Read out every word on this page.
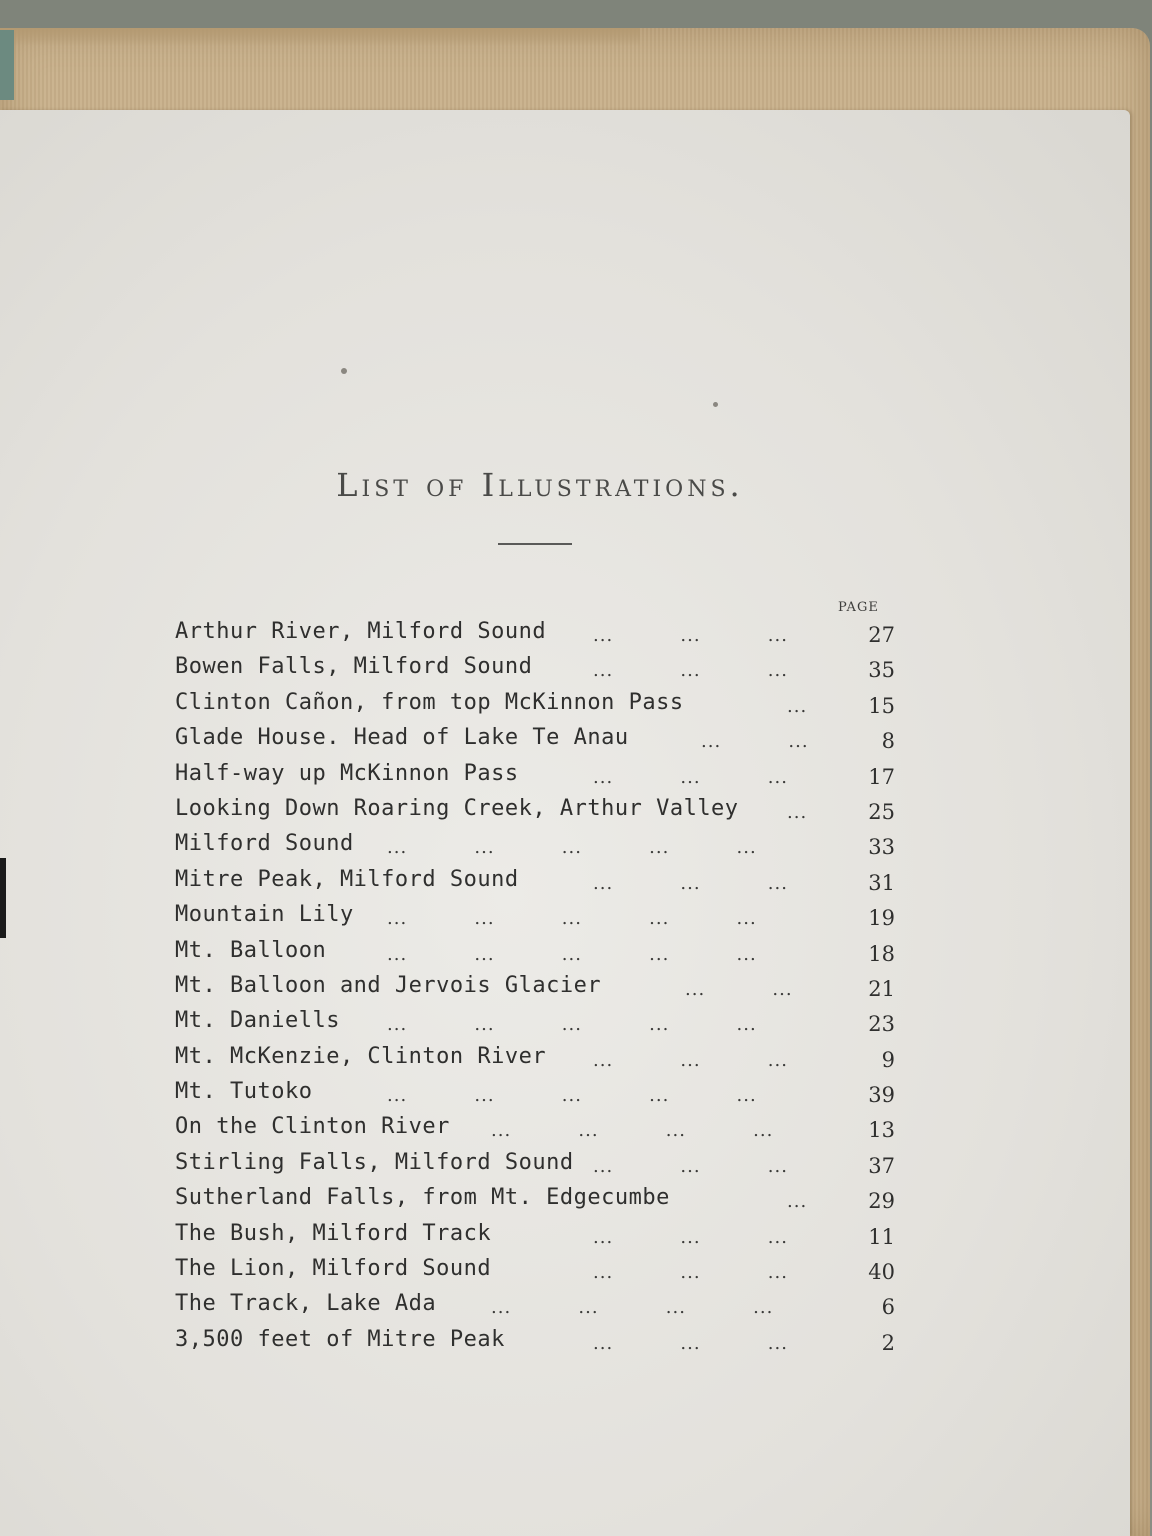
List of Illustrations.
PAGE
Arthur River, Milford Sound	...          ...          ...	27
Bowen Falls, Milford Sound	...          ...          ...	35
Clinton Cañon, from top McKinnon Pass	...	15
Glade House. Head of Lake Te Anau	...          ...	8
Half-way up McKinnon Pass	...          ...          ...	17
Looking Down Roaring Creek, Arthur Valley	...	25
Milford Sound ...          ...          ...          ...          ...	33
Mitre Peak, Milford Sound	...          ...          ...	31
Mountain Lily ...          ...          ...          ...          ...	19
Mt. Balloon	...          ...          ...          ...          ...	18
Mt. Balloon and Jervois Glacier	...          ...	21
Mt. Daniells	...          ...          ...          ...          ...	23
Mt. McKenzie, Clinton River	...          ...          ...	9
Mt. Tutoko	...          ...          ...          ...          ...	39
On the Clinton River ...          ...          ...          ...	13
Stirling Falls, Milford Sound ...          ...          ...	37
Sutherland Falls, from Mt. Edgecumbe	...	29
The Bush, Milford Track	...          ...          ...	11
The Lion, Milford Sound	...          ...          ...	40
The Track, Lake Ada	...          ...          ...          ...	6
3,500 feet of Mitre Peak	...          ...          ...	2
